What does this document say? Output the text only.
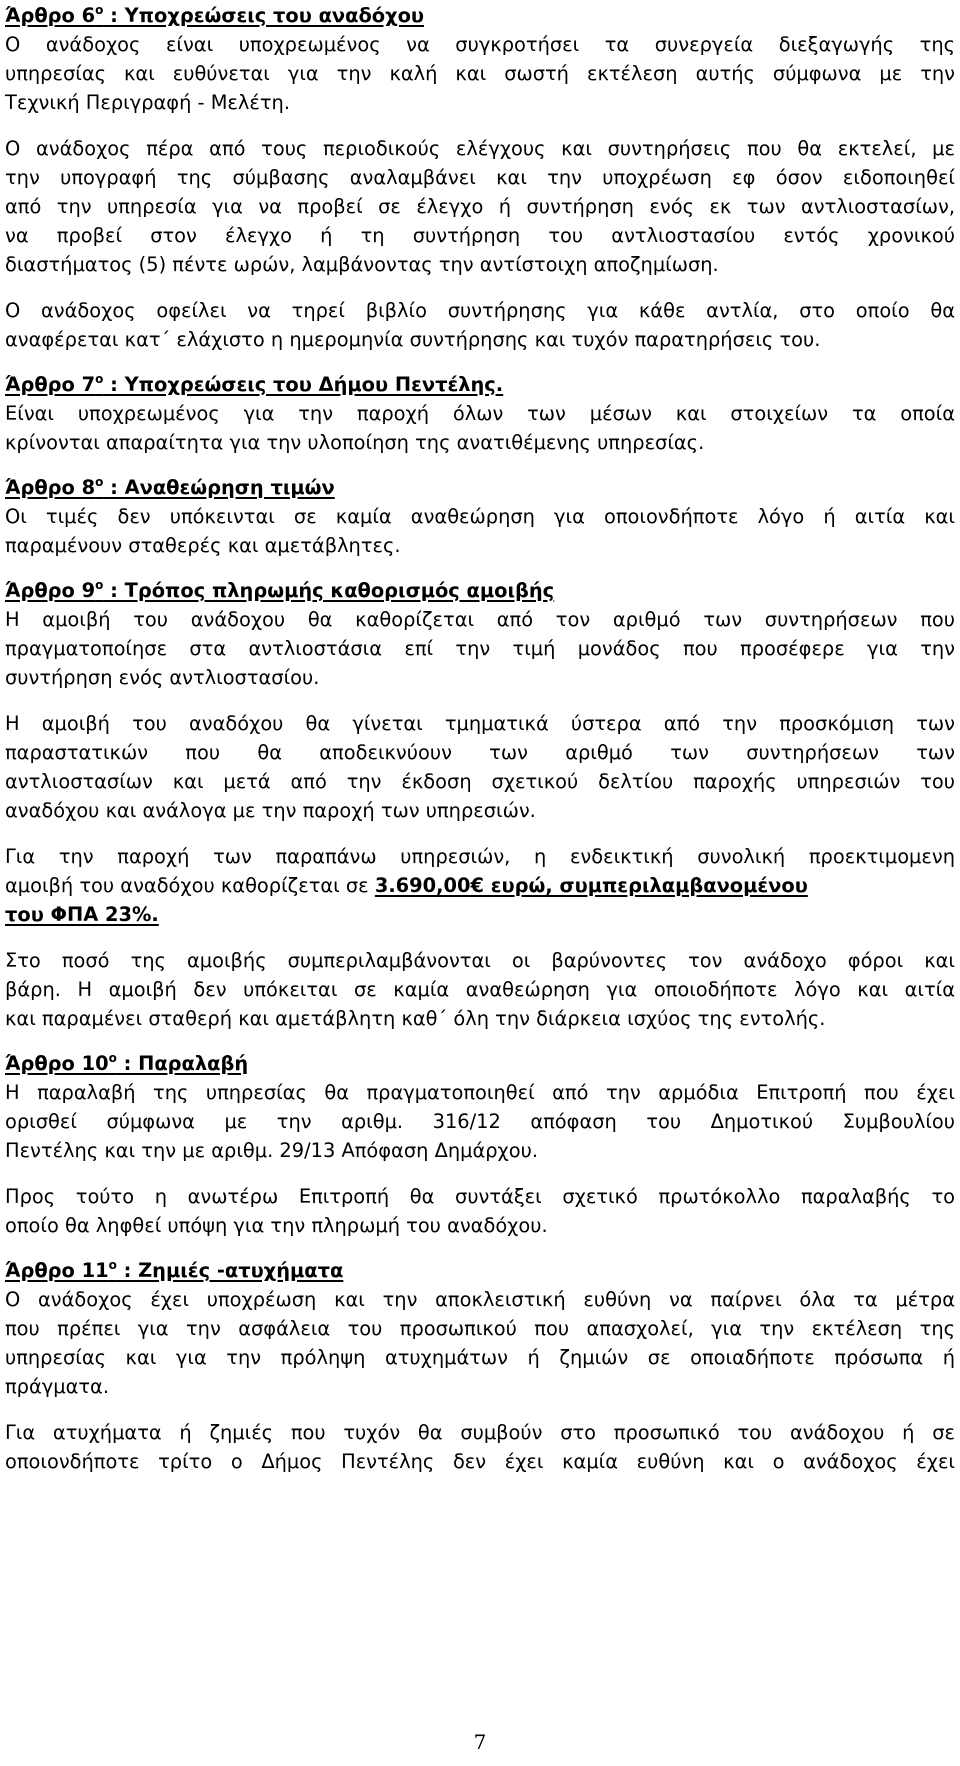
Άρθρο $6^o$ : Υποχρεώσεις του αναδόχου
Ο ανάδοχος είναι υποχρεωμένος να συγκροτήσει τα συνεργεία διεξαγωγής της
υπηρεσίας και ευθύνεται για την καλή και σωστή εκτέλεση αυτής σύμφωνα με την
Τεχνική Περιγραφή - Μελέτη.
Ο ανάδοχος πέρα από τους περιοδικούς ελέγχους και συντηρήσεις που θα εκτελεί, με
την υπογραφή της σύμβασης αναλαμβάνει και την υποχρέωση εφ όσον ειδοποιηθεί
από την υπηρεσία για να προβεί σε έλεγχο ή συντήρηση ενός εκ των αντλιοστασίων,
να προβεί στον έλεγχο ή τη συντήρηση του αντλιοστασίου εντός χρονικού
διαστήματος (5) πέντε ωρών, λαμβάνοντας την αντίστοιχη αποζημίωση.
Ο ανάδοχος οφείλει να τηρεί βιβλίο συντήρησης για κάθε αντλία, στο οποίο θα
αναφέρεται κατ΄ ελάχιστο η ημερομηνία συντήρησης και τυχόν παρατηρήσεις του.
Άρθρο $7^o$ : Υποχρεώσεις του Δήμου Πεντέλης.
Είναι υποχρεωμένος για την παροχή όλων των μέσων και στοιχείων τα οποία
κρίνονται απαραίτητα για την υλοποίηση της ανατιθέμενης υπηρεσίας.
Άρθρο $8^o$ : Αναθεώρηση τιμών
Οι τιμές δεν υπόκεινται σε καμία αναθεώρηση για οποιονδήποτε λόγο ή αιτία και
παραμένουν σταθερές και αμετάβλητες.
Άρθρο $9^o$ : Τρόπος πληρωμής καθορισμός αμοιβής
Η αμοιβή του ανάδοχου θα καθορίζεται από τον αριθμό των συντηρήσεων που
πραγματοποίησε στα αντλιοστάσια επί την τιμή μονάδος που προσέφερε για την
συντήρηση ενός αντλιοστασίου.
Η αμοιβή του αναδόχου θα γίνεται τμηματικά ύστερα από την προσκόμιση των
παραστατικών που θα αποδεικνύουν των αριθμό των συντηρήσεων των
αντλιοστασίων και μετά από την έκδοση σχετικού δελτίου παροχής υπηρεσιών του
αναδόχου και ανάλογα με την παροχή των υπηρεσιών.
Για την παροχή των παραπάνω υπηρεσιών, η ενδεικτική συνολική προεκτιμομενη
αμοιβή του αναδόχου καθορίζεται σε 3.690,00€ ευρώ, συμπεριλαμβανομένου
του ΦΠΑ 23%.
Στο ποσό της αμοιβής συμπεριλαμβάνονται οι βαρύνοντες τον ανάδοχο φόροι και
βάρη. Η αμοιβή δεν υπόκειται σε καμία αναθεώρηση για οποιοδήποτε λόγο και αιτία
και παραμένει σταθερή και αμετάβλητη καθ΄ όλη την διάρκεια ισχύος της εντολής.
Άρθρο $10^o$ : Παραλαβή
Η παραλαβή της υπηρεσίας θα πραγματοποιηθεί από την αρμόδια Επιτροπή που έχει
ορισθεί σύμφωνα με την αριθμ. 316/12 απόφαση του Δημοτικού Συμβουλίου
Πεντέλης και την με αριθμ. 29/13 Απόφαση Δημάρχου.
Προς τούτο η ανωτέρω Επιτροπή θα συντάξει σχετικό πρωτόκολλο παραλαβής το
οποίο θα ληφθεί υπόψη για την πληρωμή του αναδόχου.
Άρθρο $11^o$ : Ζημιές -ατυχήματα
Ο ανάδοχος έχει υποχρέωση και την αποκλειστική ευθύνη να παίρνει όλα τα μέτρα
που πρέπει για την ασφάλεια του προσωπικού που απασχολεί, για την εκτέλεση της
υπηρεσίας και για την πρόληψη ατυχημάτων ή ζημιών σε οποιαδήποτε πρόσωπα ή
πράγματα.
Για ατυχήματα ή ζημιές που τυχόν θα συμβούν στο προσωπικό του ανάδοχου ή σε
οποιονδήποτε τρίτο ο Δήμος Πεντέλης δεν έχει καμία ευθύνη και ο ανάδοχος έχει
7
